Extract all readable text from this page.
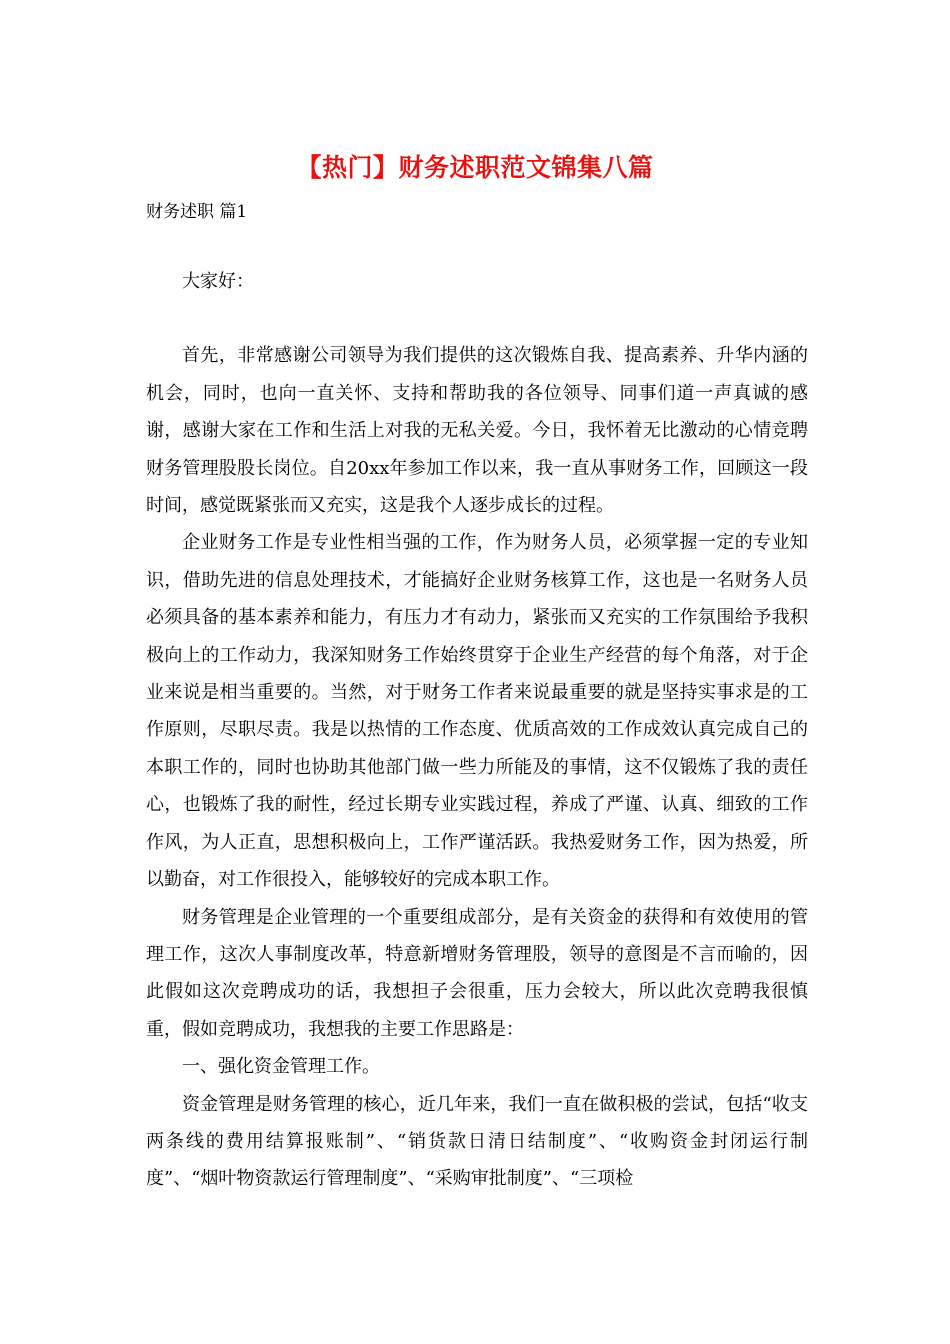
【热门】财务述职范文锦集八篇

财务述职 篇1

大家好：

首先，非常感谢公司领导为我们提供的这次锻炼自我、提高素养、升华内涵的机会，同时，也向一直关怀、支持和帮助我的各位领导、同事们道一声真诚的感谢，感谢大家在工作和生活上对我的无私关爱。今日，我怀着无比激动的心情竞聘财务管理股股长岗位。自20xx年参加工作以来，我一直从事财务工作，回顾这一段时间，感觉既紧张而又充实，这是我个人逐步成长的过程。

企业财务工作是专业性相当强的工作，作为财务人员，必须掌握一定的专业知识，借助先进的信息处理技术，才能搞好企业财务核算工作，这也是一名财务人员必须具备的基本素养和能力，有压力才有动力，紧张而又充实的工作氛围给予我积极向上的工作动力，我深知财务工作始终贯穿于企业生产经营的每个角落，对于企业来说是相当重要的。当然，对于财务工作者来说最重要的就是坚持实事求是的工作原则，尽职尽责。我是以热情的工作态度、优质高效的工作成效认真完成自己的本职工作的，同时也协助其他部门做一些力所能及的事情，这不仅锻炼了我的责任心，也锻炼了我的耐性，经过长期专业实践过程，养成了严谨、认真、细致的工作作风，为人正直，思想积极向上，工作严谨活跃。我热爱财务工作，因为热爱，所以勤奋，对工作很投入，能够较好的完成本职工作。

财务管理是企业管理的一个重要组成部分，是有关资金的获得和有效使用的管理工作，这次人事制度改革，特意新增财务管理股，领导的意图是不言而喻的，因此假如这次竞聘成功的话，我想担子会很重，压力会较大，所以此次竞聘我很慎重，假如竞聘成功，我想我的主要工作思路是：

一、强化资金管理工作。

资金管理是财务管理的核心，近几年来，我们一直在做积极的尝试，包括“收支两条线的费用结算报账制”、“销货款日清日结制度”、“收购资金封闭运行制度”、“烟叶物资款运行管理制度”、“采购审批制度”、“三项检
